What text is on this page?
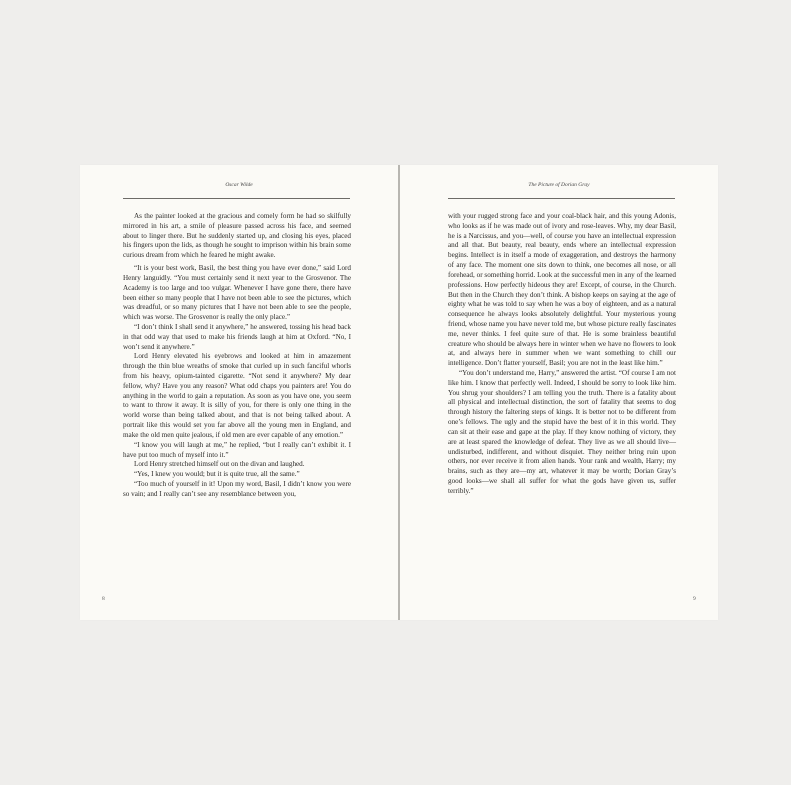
Oscar Wilde

As the painter looked at the gracious and comely form he had so skilfully mirrored in his art, a smile of pleasure passed across his face, and seemed about to linger there. But he suddenly started up, and closing his eyes, placed his fingers upon the lids, as though he sought to imprison within his brain some curious dream from which he feared he might awake.

“It is your best work, Basil, the best thing you have ever done,” said Lord Henry languidly. “You must certainly send it next year to the Grosvenor. The Academy is too large and too vulgar. Whenever I have gone there, there have been either so many people that I have not been able to see the pictures, which was dreadful, or so many pictures that I have not been able to see the people, which was worse. The Grosvenor is really the only place.”

“I don’t think I shall send it anywhere,” he answered, tossing his head back in that odd way that used to make his friends laugh at him at Oxford. “No, I won’t send it anywhere.”

Lord Henry elevated his eyebrows and looked at him in amazement through the thin blue wreaths of smoke that curled up in such fanciful whorls from his heavy, opium-tainted cigarette. “Not send it anywhere? My dear fellow, why? Have you any reason? What odd chaps you painters are! You do anything in the world to gain a reputation. As soon as you have one, you seem to want to throw it away. It is silly of you, for there is only one thing in the world worse than being talked about, and that is not being talked about. A portrait like this would set you far above all the young men in England, and make the old men quite jealous, if old men are ever capable of any emotion.”

“I know you will laugh at me,” he replied, “but I really can’t exhibit it. I have put too much of myself into it.”

Lord Henry stretched himself out on the divan and laughed.

“Yes, I knew you would; but it is quite true, all the same.”

“Too much of yourself in it! Upon my word, Basil, I didn’t know you were so vain; and I really can’t see any resemblance between you,

8
The Picture of Dorian Gray

with your rugged strong face and your coal-black hair, and this young Adonis, who looks as if he was made out of ivory and rose-leaves. Why, my dear Basil, he is a Narcissus, and you—well, of course you have an intellectual expression and all that. But beauty, real beauty, ends where an intellectual expression begins. Intellect is in itself a mode of exaggeration, and destroys the harmony of any face. The moment one sits down to think, one becomes all nose, or all forehead, or something horrid. Look at the successful men in any of the learned professions. How perfectly hideous they are! Except, of course, in the Church. But then in the Church they don’t think. A bishop keeps on saying at the age of eighty what he was told to say when he was a boy of eighteen, and as a natural consequence he always looks absolutely delightful. Your mysterious young friend, whose name you have never told me, but whose picture really fascinates me, never thinks. I feel quite sure of that. He is some brainless beautiful creature who should be always here in winter when we have no flowers to look at, and always here in summer when we want something to chill our intelligence. Don’t flatter yourself, Basil; you are not in the least like him.”

“You don’t understand me, Harry,” answered the artist. “Of course I am not like him. I know that perfectly well. Indeed, I should be sorry to look like him. You shrug your shoulders? I am telling you the truth. There is a fatality about all physical and intellectual distinction, the sort of fatality that seems to dog through history the faltering steps of kings. It is better not to be different from one’s fellows. The ugly and the stupid have the best of it in this world. They can sit at their ease and gape at the play. If they know nothing of victory, they are at least spared the knowledge of defeat. They live as we all should live—undisturbed, indifferent, and without disquiet. They neither bring ruin upon others, nor ever receive it from alien hands. Your rank and wealth, Harry; my brains, such as they are—my art, whatever it may be worth; Dorian Gray’s good looks—we shall all suffer for what the gods have given us, suffer terribly.”

9
